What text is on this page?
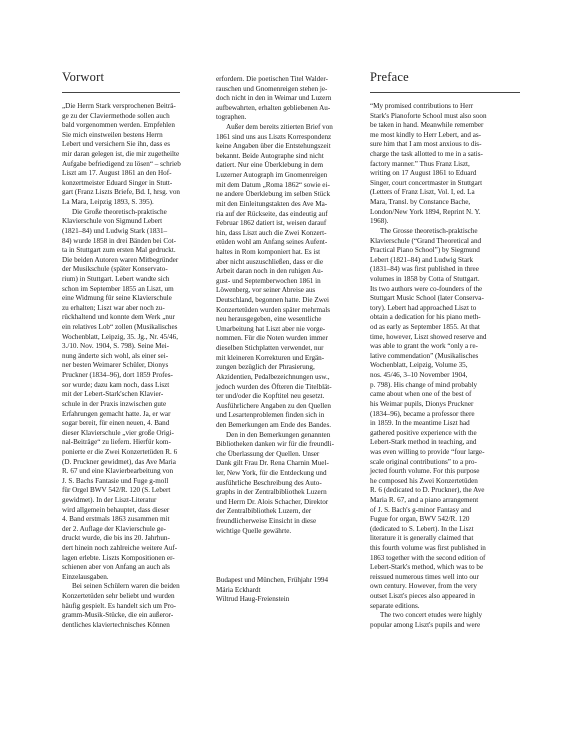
Vorwort	Preface
„Die Herrn Stark versprochenen Beiträ-
ge zu der Claviermethode sollen auch
bald vorgenommen werden. Empfehlen
Sie mich einstweilen bestens Herrn
Lebert und versichern Sie ihn, dass es
mir daran gelegen ist, die mir zugetheilte
Aufgabe befriedigend zu lösen“ – schrieb
Liszt am 17. August 1861 an den Hof-
konzertmeister Eduard Singer in Stutt-
gart (Franz Liszts Briefe, Bd. I, hrsg. von
La Mara, Leipzig 1893, S. 395).
Die Große theoretisch-praktische
Klavierschule von Sigmund Lebert
(1821–84) und Ludwig Stark (1831–
84) wurde 1858 in drei Bänden bei Cot-
ta in Stuttgart zum ersten Mal gedruckt.
Die beiden Autoren waren Mitbegründer
der Musikschule (später Konservato-
rium) in Stuttgart. Lebert wandte sich
schon im September 1855 an Liszt, um
eine Widmung für seine Klavierschule
zu erhalten; Liszt war aber noch zu-
rückhaltend und konnte dem Werk „nur
ein relatives Lob“ zollen (Musikalisches
Wochenblatt, Leipzig, 35. Jg., Nr. 45/46,
3./10. Nov. 1904, S. 798). Seine Mei-
nung änderte sich wohl, als einer sei-
ner besten Weimarer Schüler, Dionys
Pruckner (1834–96), dort 1859 Profes-
sor wurde; dazu kam noch, dass Liszt
mit der Lebert-Stark'schen Klavier-
schule in der Praxis inzwischen gute
Erfahrungen gemacht hatte. Ja, er war
sogar bereit, für einen neuen, 4. Band
dieser Klavierschule „vier große Origi-
nal-Beiträge“ zu liefern. Hierfür kom-
ponierte er die Zwei Konzertetüden R. 6
(D. Pruckner gewidmet), das Ave Maria
R. 67 und eine Klavierbearbeitung von
J. S. Bachs Fantasie und Fuge g-moll
für Orgel BWV 542/R. 120 (S. Lebert
gewidmet). In der Liszt-Literatur
wird allgemein behauptet, dass dieser
4. Band erstmals 1863 zusammen mit
der 2. Auflage der Klavierschule ge-
druckt wurde, die bis ins 20. Jahrhun-
dert hinein noch zahlreiche weitere Auf-
lagen erlebte. Liszts Kompositionen er-
schienen aber von Anfang an auch als
Einzelausgaben.
Bei seinen Schülern waren die beiden
Konzertetüden sehr beliebt und wurden
häufig gespielt. Es handelt sich um Pro-
gramm-Musik-Stücke, die ein außeror-
dentliches klaviertechnisches Können
erfordern. Die poetischen Titel Walder-
rauschen und Gnomenreigen stehen je-
doch nicht in den in Weimar und Luzern
aufbewahrten, erhalten gebliebenen Au-
tographen.
Außer dem bereits zitierten Brief von
1861 sind uns aus Liszts Korrespondenz
keine Angaben über die Entstehungszeit
bekannt. Beide Autographe sind nicht
datiert. Nur eine Überklebung in dem
Luzerner Autograph im Gnomenreigen
mit dem Datum „Roma 1862“ sowie ei-
ne andere Überklebung im selben Stück
mit den Einleitungstakten des Ave Ma-
ria auf der Rückseite, das eindeutig auf
Februar 1862 datiert ist, weisen darauf
hin, dass Liszt auch die Zwei Konzert-
etüden wohl am Anfang seines Aufent-
haltes in Rom komponiert hat. Es ist
aber nicht auszuschließen, dass er die
Arbeit daran noch in den ruhigen Au-
gust- und Septemberwochen 1861 in
Löwenberg, vor seiner Abreise aus
Deutschland, begonnen hatte. Die Zwei
Konzertetüden wurden später mehrmals
neu herausgegeben, eine wesentliche
Umarbeitung hat Liszt aber nie vorge-
nommen. Für die Noten wurden immer
dieselben Stichplatten verwendet, nur
mit kleineren Korrekturen und Ergän-
zungen bezüglich der Phrasierung,
Akzidentien, Pedalbezeichnungen usw.,
jedoch wurden des Öfteren die Titelblät-
ter und/oder die Kopftitel neu gesetzt.
Ausführlichere Angaben zu den Quellen
und Lesartenproblemen finden sich in
den Bemerkungen am Ende des Bandes.
Den in den Bemerkungen genannten
Bibliotheken danken wir für die freundli-
che Überlassung der Quellen. Unser
Dank gilt Frau Dr. Rena Charnin Muel-
ler, New York, für die Entdeckung und
ausführliche Beschreibung des Auto-
graphs in der Zentralbibliothek Luzern
und Herrn Dr. Alois Schacher, Direktor
der Zentralbibliothek Luzern, der
freundlicherweise Einsicht in diese
wichtige Quelle gewährte.
Budapest und München, Frühjahr 1994
Mária Eckhardt
Wiltrud Haug-Freienstein
“My promised contributions to Herr
Stark's Pianoforte School must also soon
be taken in hand. Meanwhile remember
me most kindly to Herr Lebert, and as-
sure him that I am most anxious to dis-
charge the task allotted to me in a satis-
factory manner.” Thus Franz Liszt,
writing on 17 August 1861 to Eduard
Singer, court concertmaster in Stuttgart
(Letters of Franz Liszt, Vol. I, ed. La
Mara, Transl. by Constance Bache,
London/New York 1894, Reprint N. Y.
1968).
The Grosse theoretisch-praktische
Klavierschule (“Grand Theoretical and
Practical Piano School”) by Siegmund
Lebert (1821–84) and Ludwig Stark
(1831–84) was first published in three
volumes in 1858 by Cotta of Stuttgart.
Its two authors were co-founders of the
Stuttgart Music School (later Conserva-
tory). Lebert had approached Liszt to
obtain a dedication for his piano meth-
od as early as September 1855. At that
time, however, Liszt showed reserve and
was able to grant the work “only a re-
lative commendation” (Musikalisches
Wochenblatt, Leipzig, Volume 35,
nos. 45/46, 3–10 November 1904,
p. 798). His change of mind probably
came about when one of the best of
his Weimar pupils, Dionys Pruckner
(1834–96), became a professor there
in 1859. In the meantime Liszt had
gathered positive experience with the
Lebert-Stark method in teaching, and
was even willing to provide “four large-
scale original contributions” to a pro-
jected fourth volume. For this purpose
he composed his Zwei Konzertetüden
R. 6 (dedicated to D. Pruckner), the Ave
Maria R. 67, and a piano arrangement
of J. S. Bach's g-minor Fantasy and
Fugue for organ, BWV 542/R. 120
(dedicated to S. Lebert). In the Liszt
literature it is generally claimed that
this fourth volume was first published in
1863 together with the second edition of
Lebert-Stark's method, which was to be
reissued numerous times well into our
own century. However, from the very
outset Liszt's pieces also appeared in
separate editions.
The two concert etudes were highly
popular among Liszt's pupils and were
